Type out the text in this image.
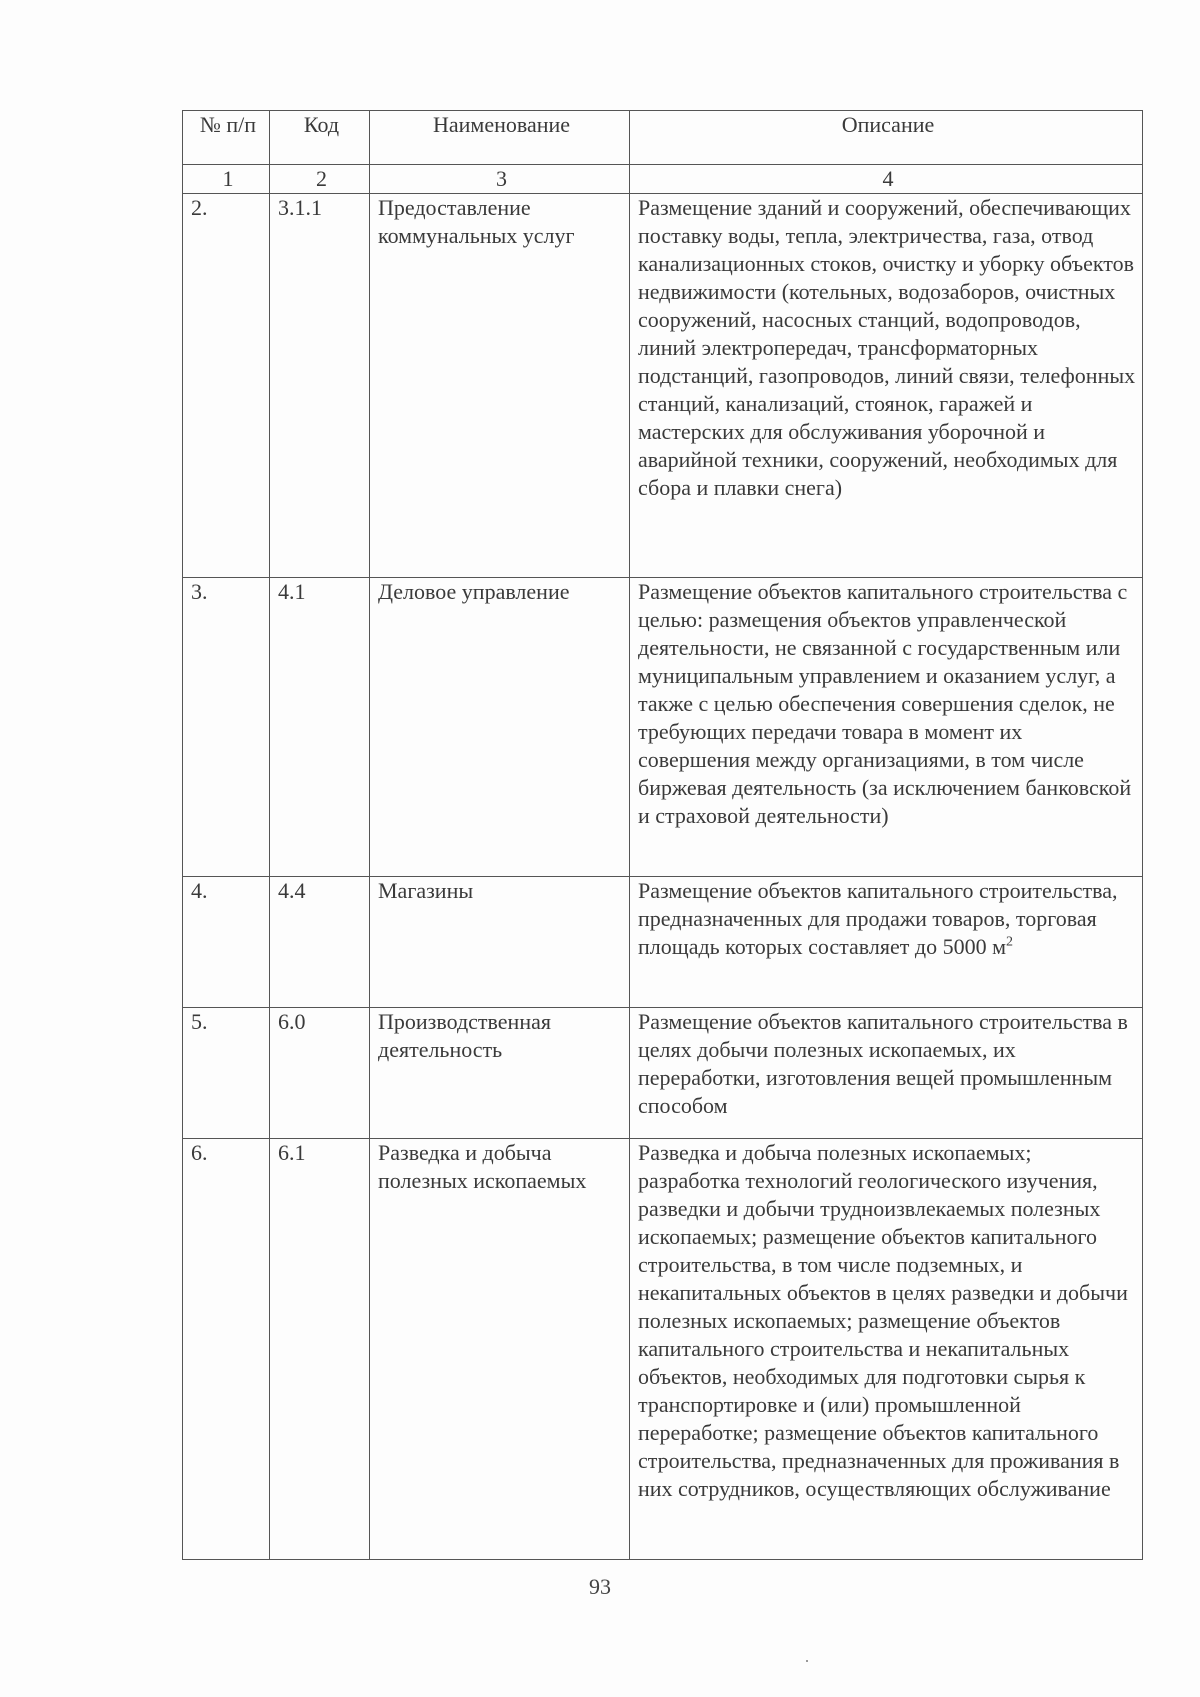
№ п/п	Код	Наименование	Описание
1	2	3	4
2.	3.1.1	Предоставление коммунальных услуг	Размещение зданий и сооружений, обеспечивающих поставку воды, тепла, электричества, газа, отвод канализационных стоков, очистку и уборку объектов недвижимости (котельных, водозаборов, очистных сооружений, насосных станций, водопроводов, линий электропередач, трансформаторных подстанций, газопроводов, линий связи, телефонных станций, канализаций, стоянок, гаражей и мастерских для обслуживания уборочной и аварийной техники, сооружений, необходимых для сбора и плавки снега)
3.	4.1	Деловое управление	Размещение объектов капитального строительства с целью: размещения объектов управленческой деятельности, не связанной с государственным или муниципальным управлением и оказанием услуг, а также с целью обеспечения совершения сделок, не требующих передачи товара в момент их совершения между организациями, в том числе биржевая деятельность (за исключением банковской и страховой деятельности)
4.	4.4	Магазины	Размещение объектов капитального строительства, предназначенных для продажи товаров, торговая площадь которых составляет до 5000 $м^2$
5.	6.0	Производственная деятельность	Размещение объектов капитального строительства в целях добычи полезных ископаемых, их переработки, изготовления вещей промышленным способом
6.	6.1	Разведка и добыча полезных ископаемых	Разведка и добыча полезных ископаемых; разработка технологий геологического изучения, разведки и добычи трудноизвлекаемых полезных ископаемых; размещение объектов капитального строительства, в том числе подземных, и некапитальных объектов в целях разведки и добычи полезных ископаемых; размещение объектов капитального строительства и некапитальных объектов, необходимых для подготовки сырья к транспортировке и (или) промышленной переработке; размещение объектов капитального строительства, предназначенных для проживания в них сотрудников, осуществляющих обслуживание
93
